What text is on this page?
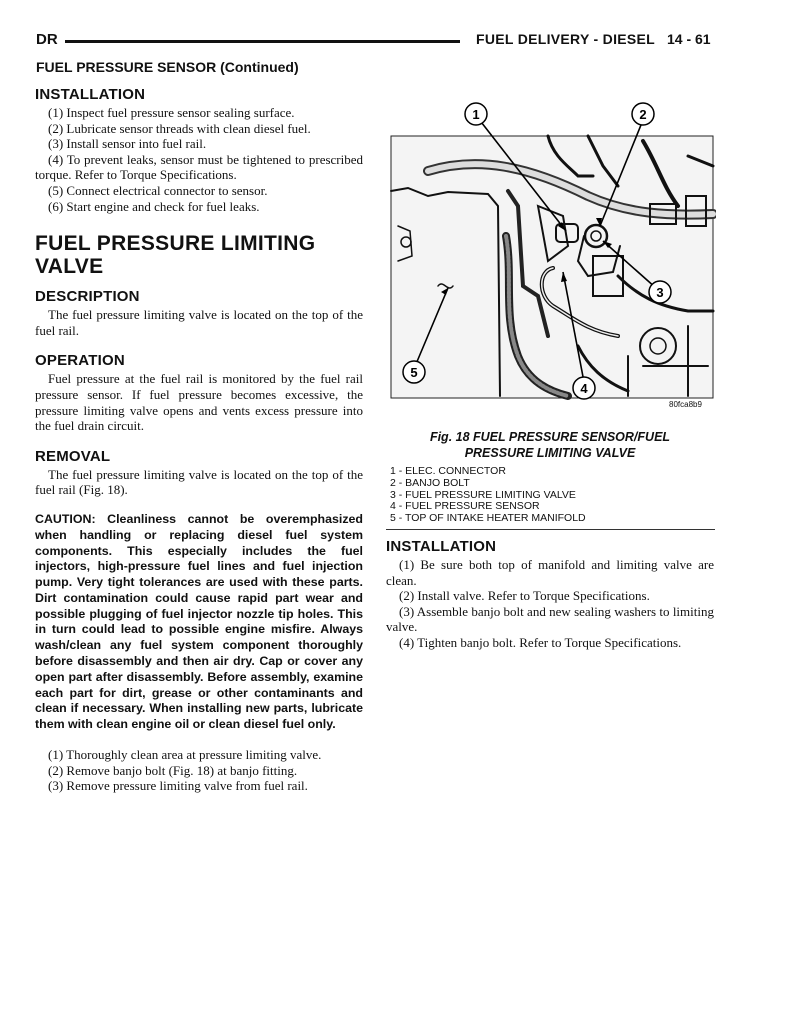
DR	FUEL DELIVERY - DIESEL 14 - 61
FUEL PRESSURE SENSOR (Continued)
INSTALLATION

(1) Inspect fuel pressure sensor sealing surface.

(2) Lubricate sensor threads with clean diesel fuel.

(3) Install sensor into fuel rail.

(4) To prevent leaks, sensor must be tightened to prescribed torque. Refer to Torque Specifications.

(5) Connect electrical connector to sensor.

(6) Start engine and check for fuel leaks.

FUEL PRESSURE LIMITING VALVE
DESCRIPTION

The fuel pressure limiting valve is located on the top of the fuel rail.

OPERATION

Fuel pressure at the fuel rail is monitored by the fuel rail pressure sensor. If fuel pressure becomes excessive, the pressure limiting valve opens and vents excess pressure into the fuel drain circuit.

REMOVAL

The fuel pressure limiting valve is located on the top of the fuel rail (Fig. 18).

CAUTION: Cleanliness cannot be overemphasized when handling or replacing diesel fuel system components. This especially includes the fuel injectors, high-pressure fuel lines and fuel injection pump. Very tight tolerances are used with these parts. Dirt contamination could cause rapid part wear and possible plugging of fuel injector nozzle tip holes. This in turn could lead to possible engine misfire. Always wash/clean any fuel system component thoroughly before disassembly and then air dry. Cap or cover any open part after disassembly. Before assembly, examine each part for dirt, grease or other contaminants and clean if necessary. When installing new parts, lubricate them with clean engine oil or clean diesel fuel only.

(1) Thoroughly clean area at pressure limiting valve.

(2) Remove banjo bolt (Fig. 18) at banjo fitting.

(3) Remove pressure limiting valve from fuel rail.

1	2
3
4
5
80fca8b9
Fig. 18 FUEL PRESSURE SENSOR/FUEL PRESSURE LIMITING VALVE
1 - ELEC. CONNECTOR
2 - BANJO BOLT
3 - FUEL PRESSURE LIMITING VALVE
4 - FUEL PRESSURE SENSOR
5 - TOP OF INTAKE HEATER MANIFOLD
INSTALLATION

(1) Be sure both top of manifold and limiting valve are clean.

(2) Install valve. Refer to Torque Specifications.

(3) Assemble banjo bolt and new sealing washers to limiting valve.

(4) Tighten banjo bolt. Refer to Torque Specifications.
